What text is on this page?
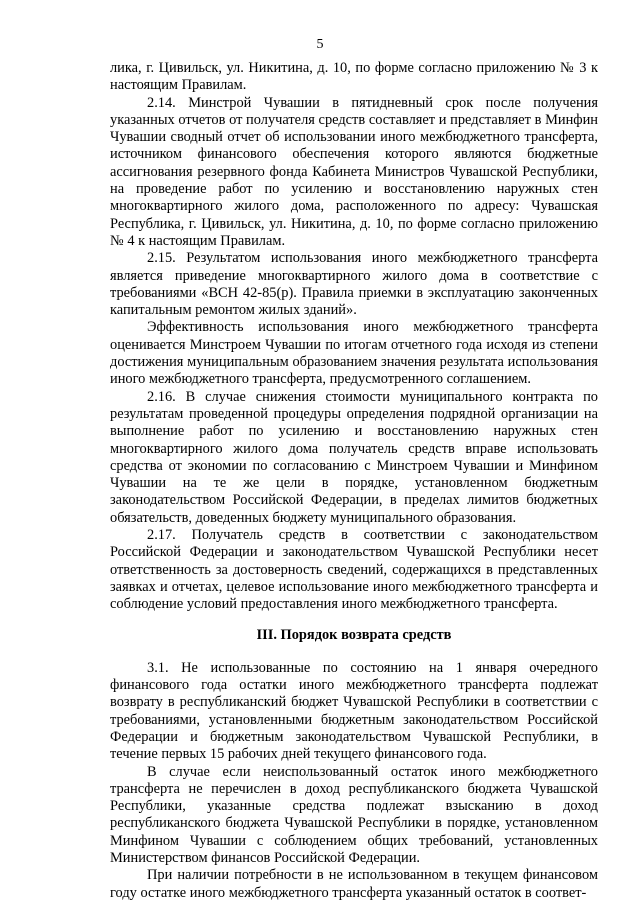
5

лика, г. Цивильск, ул. Никитина, д. 10, по форме согласно приложению № 3 к настоящим Правилам.

2.14. Минстрой Чувашии в пятидневный срок после получения указанных отчетов от получателя средств составляет и представляет в Минфин Чувашии сводный отчет об использовании иного межбюджетного трансферта, источником финансового обеспечения которого являются бюджетные ассигнования резервного фонда Кабинета Министров Чувашской Республики, на проведение работ по усилению и восстановлению наружных стен многоквартирного жилого дома, расположенного по адресу: Чувашская Республика, г. Цивильск, ул. Никитина, д. 10, по форме согласно приложению № 4 к настоящим Правилам.

2.15. Результатом использования иного межбюджетного трансферта является приведение многоквартирного жилого дома в соответствие с требованиями «ВСН 42-85(р). Правила приемки в эксплуатацию законченных капитальным ремонтом жилых зданий».

Эффективность использования иного межбюджетного трансферта оценивается Минстроем Чувашии по итогам отчетного года исходя из степени достижения муниципальным образованием значения результата использования иного межбюджетного трансферта, предусмотренного соглашением.

2.16. В случае снижения стоимости муниципального контракта по результатам проведенной процедуры определения подрядной организации на выполнение работ по усилению и восстановлению наружных стен многоквартирного жилого дома получатель средств вправе использовать средства от экономии по согласованию с Минстроем Чувашии и Минфином Чувашии на те же цели в порядке, установленном бюджетным законодательством Российской Федерации, в пределах лимитов бюджетных обязательств, доведенных бюджету муниципального образования.

2.17. Получатель средств в соответствии с законодательством Российской Федерации и законодательством Чувашской Республики несет ответственность за достоверность сведений, содержащихся в представленных заявках и отчетах, целевое использование иного межбюджетного трансферта и соблюдение условий предоставления иного межбюджетного трансферта.

III. Порядок возврата средств

3.1. Не использованные по состоянию на 1 января очередного финансового года остатки иного межбюджетного трансферта подлежат возврату в республиканский бюджет Чувашской Республики в соответствии с требованиями, установленными бюджетным законодательством Российской Федерации и бюджетным законодательством Чувашской Республики, в течение первых 15 рабочих дней текущего финансового года.

В случае если неиспользованный остаток иного межбюджетного трансферта не перечислен в доход республиканского бюджета Чувашской Республики, указанные средства подлежат взысканию в доход республиканского бюджета Чувашской Республики в порядке, установленном Минфином Чувашии с соблюдением общих требований, установленных Министерством финансов Российской Федерации.

При наличии потребности в не использованном в текущем финансовом году остатке иного межбюджетного трансферта указанный остаток в соответ-
